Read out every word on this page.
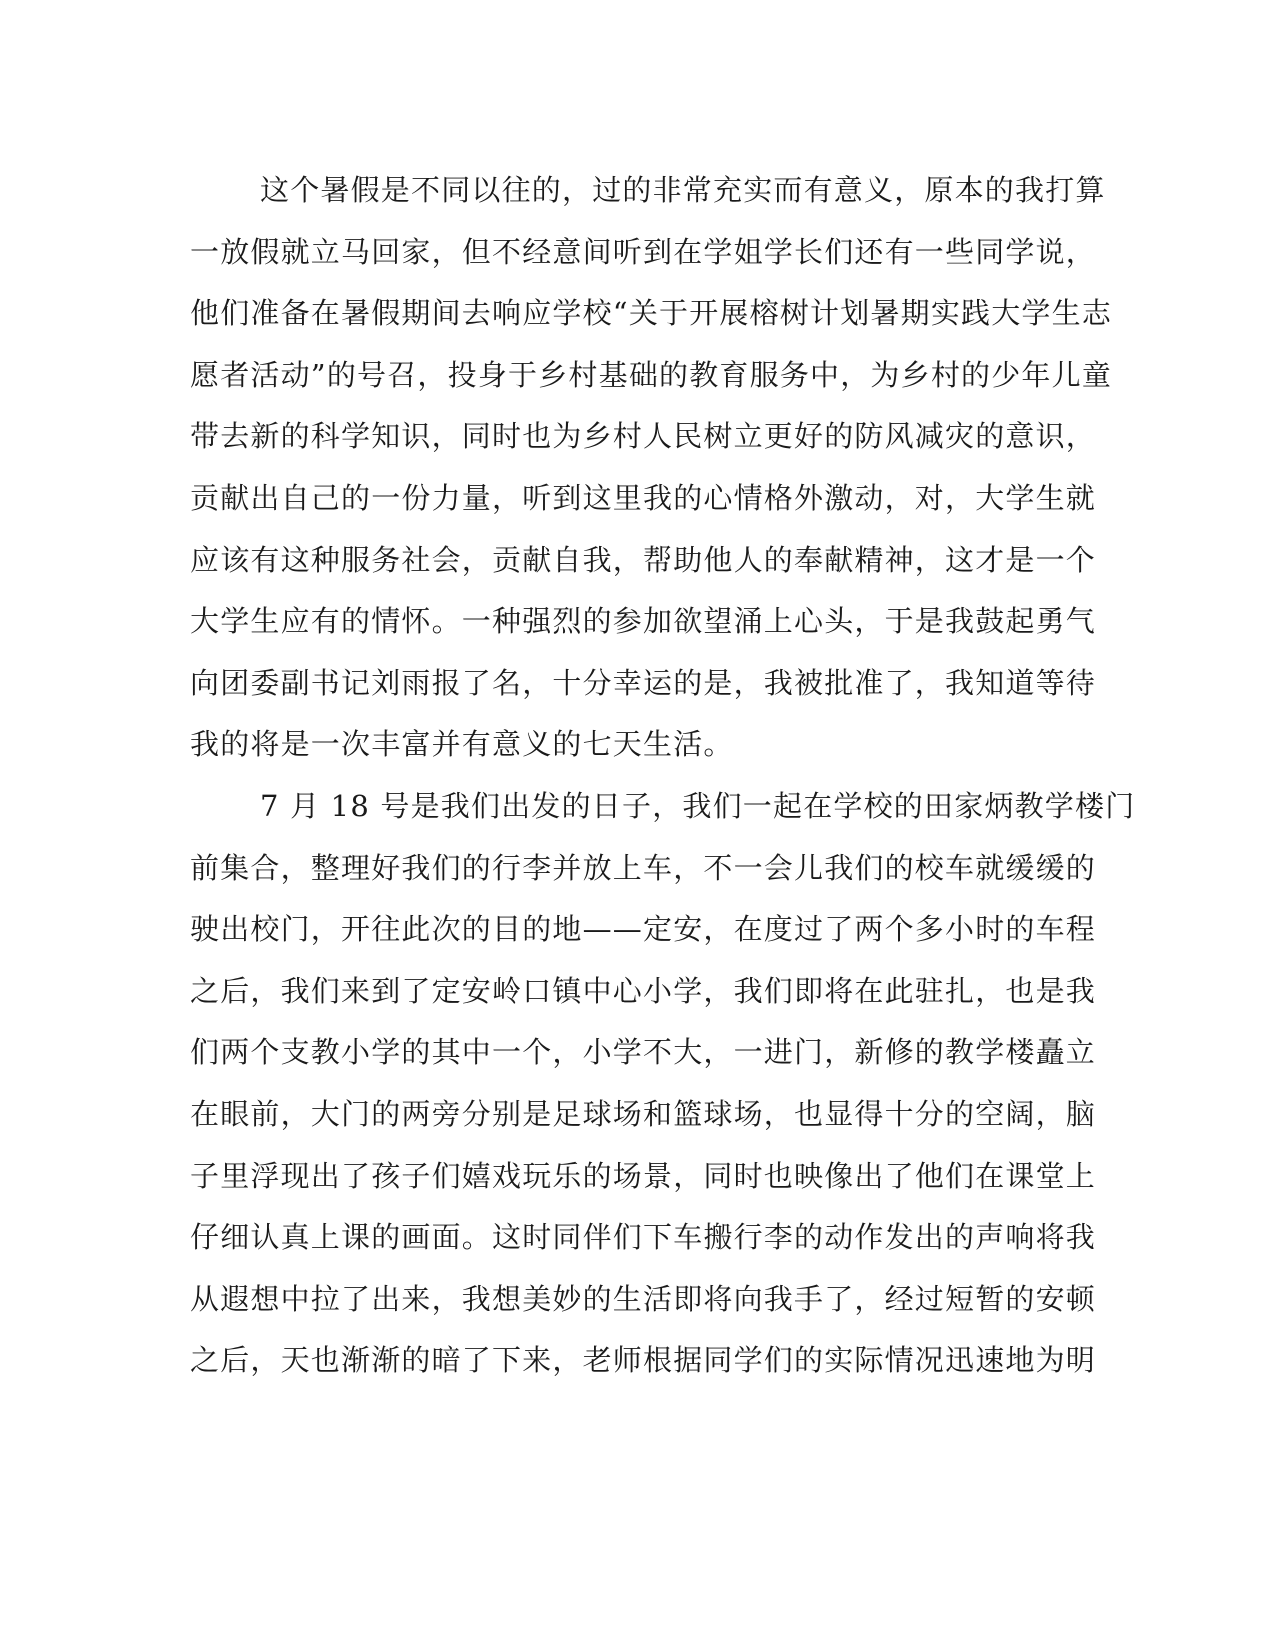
这个暑假是不同以往的，过的非常充实而有意义，原本的我打算
一放假就立马回家，但不经意间听到在学姐学长们还有一些同学说，
他们准备在暑假期间去响应学校“关于开展榕树计划暑期实践大学生志
愿者活动”的号召，投身于乡村基础的教育服务中，为乡村的少年儿童
带去新的科学知识，同时也为乡村人民树立更好的防风减灾的意识，
贡献出自己的一份力量，听到这里我的心情格外激动，对，大学生就
应该有这种服务社会，贡献自我，帮助他人的奉献精神，这才是一个
大学生应有的情怀。一种强烈的参加欲望涌上心头，于是我鼓起勇气
向团委副书记刘雨报了名，十分幸运的是，我被批准了，我知道等待
我的将是一次丰富并有意义的七天生活。
7 月 18 号是我们出发的日子，我们一起在学校的田家炳教学楼门
前集合，整理好我们的行李并放上车，不一会儿我们的校车就缓缓的
驶出校门，开往此次的目的地——定安，在度过了两个多小时的车程
之后，我们来到了定安岭口镇中心小学，我们即将在此驻扎，也是我
们两个支教小学的其中一个，小学不大，一进门，新修的教学楼矗立
在眼前，大门的两旁分别是足球场和篮球场，也显得十分的空阔，脑
子里浮现出了孩子们嬉戏玩乐的场景，同时也映像出了他们在课堂上
仔细认真上课的画面。这时同伴们下车搬行李的动作发出的声响将我
从遐想中拉了出来，我想美妙的生活即将向我手了，经过短暂的安顿
之后，天也渐渐的暗了下来，老师根据同学们的实际情况迅速地为明
